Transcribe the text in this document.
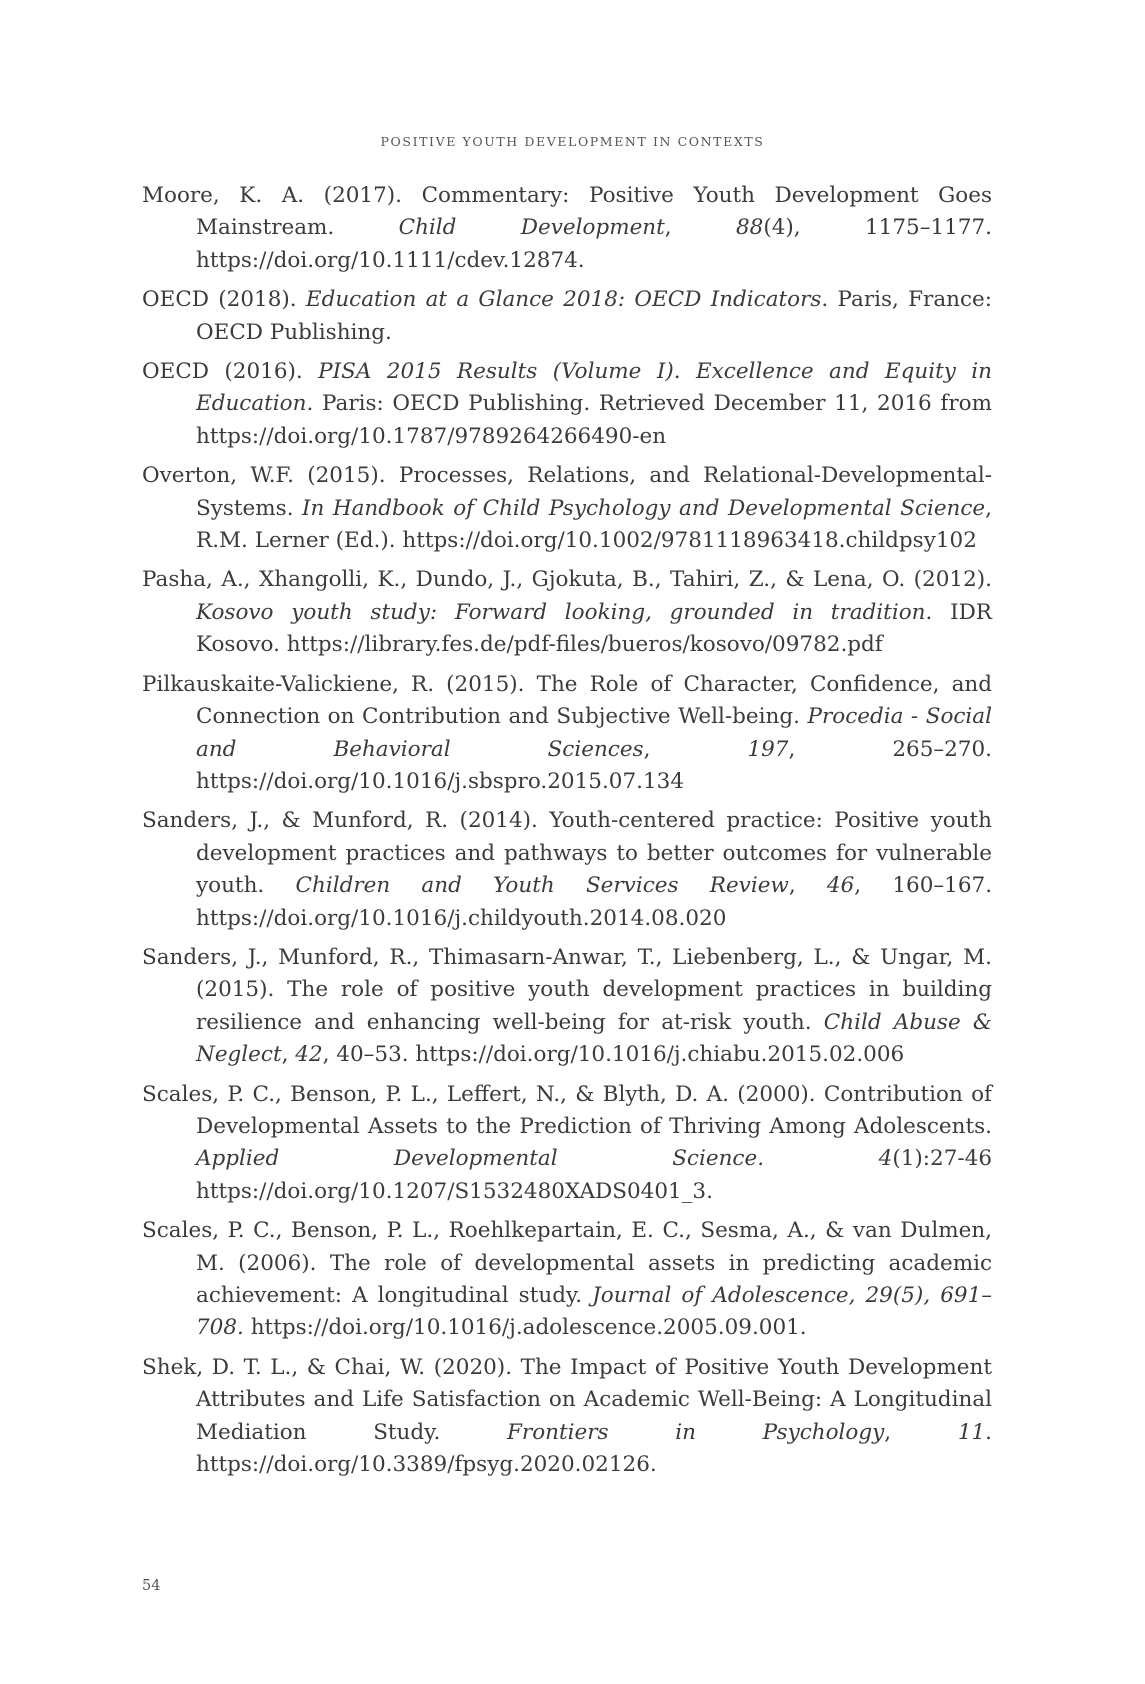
POSITIVE YOUTH DEVELOPMENT IN CONTEXTS
Moore, K. A. (2017). Commentary: Positive Youth Development Goes Mainstream. Child Development, 88(4), 1175–1177. https://doi.org/10.1111/cdev.12874.
OECD (2018). Education at a Glance 2018: OECD Indicators. Paris, France: OECD Publishing.
OECD (2016). PISA 2015 Results (Volume I). Excellence and Equity in Education. Paris: OECD Publishing. Retrieved December 11, 2016 from https://doi.org/10.1787/9789264266490-en
Overton, W.F. (2015). Processes, Relations, and Relational-Developmental-Systems. In Handbook of Child Psychology and Developmental Science, R.M. Lerner (Ed.). https://doi.org/10.1002/9781118963418.childpsy102
Pasha, A., Xhangolli, K., Dundo, J., Gjokuta, B., Tahiri, Z., & Lena, O. (2012). Kosovo youth study: Forward looking, grounded in tradition. IDR Kosovo. https://library.fes.de/pdf-files/bueros/kosovo/09782.pdf
Pilkauskaite-Valickiene, R. (2015). The Role of Character, Confidence, and Connection on Contribution and Subjective Well-being. Procedia - Social and Behavioral Sciences, 197, 265–270. https://doi.org/10.1016/j.sbspro.2015.07.134
Sanders, J., & Munford, R. (2014). Youth-centered practice: Positive youth development practices and pathways to better outcomes for vulnerable youth. Children and Youth Services Review, 46, 160–167. https://doi.org/10.1016/j.childyouth.2014.08.020
Sanders, J., Munford, R., Thimasarn-Anwar, T., Liebenberg, L., & Ungar, M. (2015). The role of positive youth development practices in building resilience and enhancing well-being for at-risk youth. Child Abuse & Neglect, 42, 40–53. https://doi.org/10.1016/j.chiabu.2015.02.006
Scales, P. C., Benson, P. L., Leffert, N., & Blyth, D. A. (2000). Contribution of Developmental Assets to the Prediction of Thriving Among Adolescents. Applied Developmental Science. 4(1):27-46 https://doi.org/10.1207/S1532480XADS0401_3.
Scales, P. C., Benson, P. L., Roehlkepartain, E. C., Sesma, A., & van Dulmen, M. (2006). The role of developmental assets in predicting academic achievement: A longitudinal study. Journal of Adolescence, 29(5), 691–708. https://doi.org/10.1016/j.adolescence.2005.09.001.
Shek, D. T. L., & Chai, W. (2020). The Impact of Positive Youth Development Attributes and Life Satisfaction on Academic Well-Being: A Longitudinal Mediation Study. Frontiers in Psychology, 11. https://doi.org/10.3389/fpsyg.2020.02126.
54
